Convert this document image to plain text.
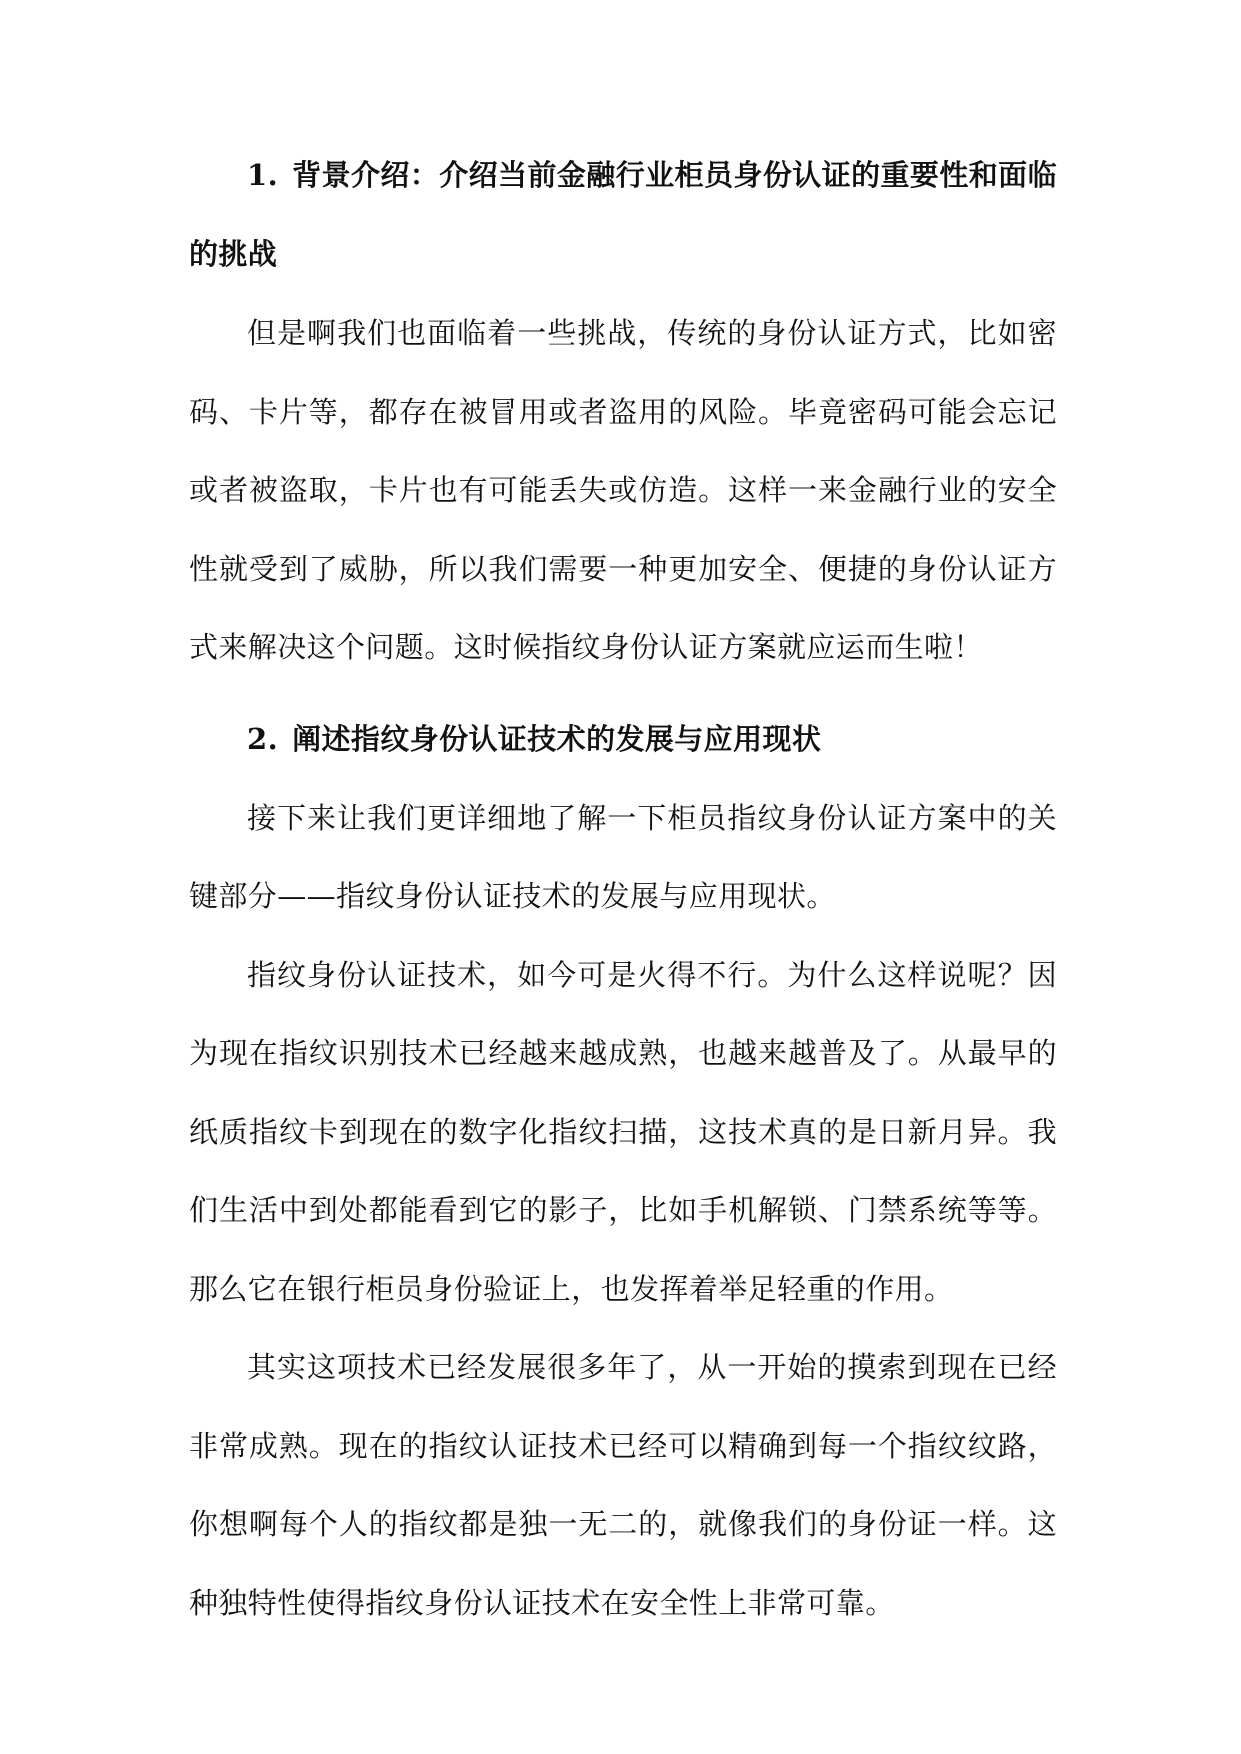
1. 背景介绍：介绍当前金融行业柜员身份认证的重要性和面临的挑战

但是啊我们也面临着一些挑战，传统的身份认证方式，比如密码、卡片等，都存在被冒用或者盗用的风险。毕竟密码可能会忘记或者被盗取，卡片也有可能丢失或仿造。这样一来金融行业的安全性就受到了威胁，所以我们需要一种更加安全、便捷的身份认证方式来解决这个问题。这时候指纹身份认证方案就应运而生啦！

2. 阐述指纹身份认证技术的发展与应用现状

接下来让我们更详细地了解一下柜员指纹身份认证方案中的关键部分——指纹身份认证技术的发展与应用现状。

指纹身份认证技术，如今可是火得不行。为什么这样说呢？因为现在指纹识别技术已经越来越成熟，也越来越普及了。从最早的纸质指纹卡到现在的数字化指纹扫描，这技术真的是日新月异。我们生活中到处都能看到它的影子，比如手机解锁、门禁系统等等。那么它在银行柜员身份验证上，也发挥着举足轻重的作用。

其实这项技术已经发展很多年了，从一开始的摸索到现在已经非常成熟。现在的指纹认证技术已经可以精确到每一个指纹纹路，你想啊每个人的指纹都是独一无二的，就像我们的身份证一样。这种独特性使得指纹身份认证技术在安全性上非常可靠。
